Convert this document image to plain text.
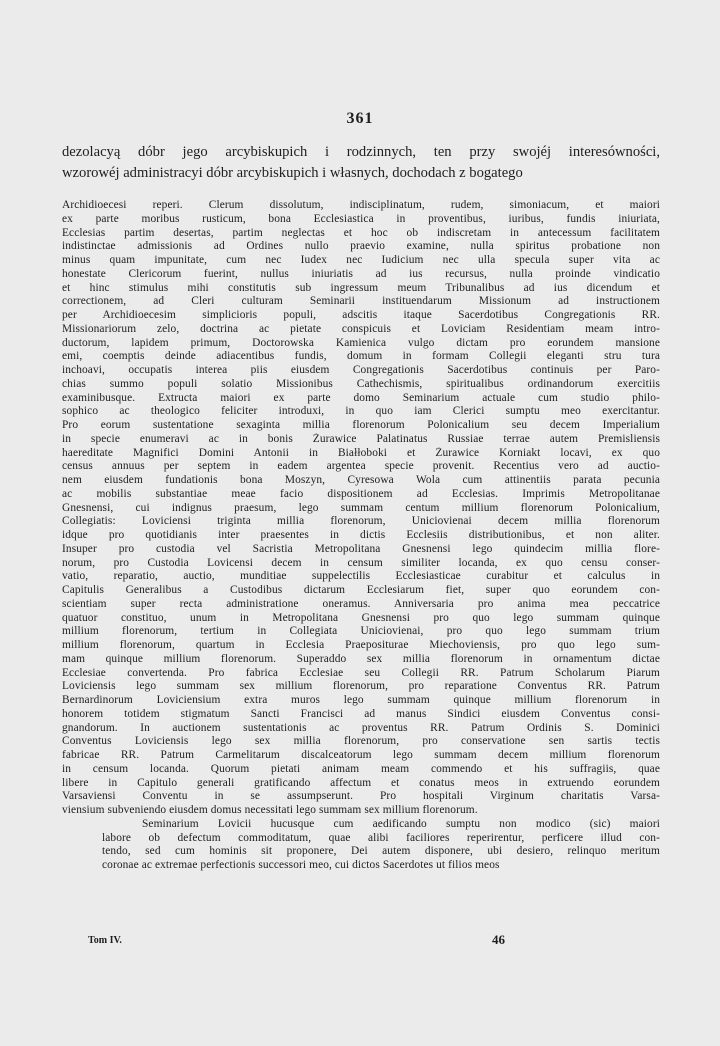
361
dezolacyą dóbr jego arcybiskupich i rodzinnych, ten przy swojéj interesówności,
wzorowéj administracyi dóbr arcybiskupich i własnych, dochodach z bogatego

Archidioecesi reperi. Clerum dissolutum, indisciplinatum, rudem, simoniacum, et maiori
ex parte moribus rusticum, bona Ecclesiastica in proventibus, iuribus, fundis iniuriata,
Ecclesias partim desertas, partim neglectas et hoc ob indiscretam in antecessum facilitatem
indistinctae admissionis ad Ordines nullo praevio examine, nulla spiritus probatione non
minus quam impunitate, cum nec Iudex nec Iudicium nec ulla specula super vita ac
honestate Clericorum fuerint, nullus iniuriatis ad ius recursus, nulla proinde vindicatio
et hinc stimulus mihi constitutis sub ingressum meum Tribunalibus ad ius dicendum et
correctionem, ad Cleri culturam Seminarii instituendarum Missionum ad instructionem
per Archidioecesim simplicioris populi, adscitis itaque Sacerdotibus Congregationis RR.
Missionariorum zelo, doctrina ac pietate conspicuis et Loviciam Residentiam meam intro-
ductorum, lapidem primum, Doctorowska Kamienica vulgo dictam pro eorundem mansione
emi, coemptis deinde adiacentibus fundis, domum in formam Collegii eleganti stru tura
inchoavi, occupatis interea piis eiusdem Congregationis Sacerdotibus continuis per Paro-
chias summo populi solatio Missionibus Cathechismis, spiritualibus ordinandorum exercitiis
examinibusque. Extructa maiori ex parte domo Seminarium actuale cum studio philo-
sophico ac theologico feliciter introduxi, in quo iam Clerici sumptu meo exercitantur.
Pro eorum sustentatione sexaginta millia florenorum Polonicalium seu decem Imperialium
in specie enumeravi ac in bonis Żurawice Palatinatus Russiae terrae autem Premisliensis
haereditate Magnifici Domini Antonii in Białłoboki et Żurawice Korniakt locavi, ex quo
census annuus per septem in eadem argentea specie provenit. Recentius vero ad auctio-
nem eiusdem fundationis bona Moszyn, Cyresowa Wola cum attinentiis parata pecunia
ac mobilis substantiae meae facio dispositionem ad Ecclesias. Imprimis Metropolitanae
Gnesnensi, cui indignus praesum, lego summam centum millium florenorum Polonicalium,
Collegiatis: Loviciensi triginta millia florenorum, Uniciovienai decem millia florenorum
idque pro quotidianis inter praesentes in dictis Ecclesiis distributionibus, et non aliter.
Insuper pro custodia vel Sacristia Metropolitana Gnesnensi lego quindecim millia flore-
norum, pro Custodia Lovicensi decem in censum similiter locanda, ex quo censu conser-
vatio, reparatio, auctio, munditiae suppelectilis Ecclesiasticae curabitur et calculus in
Capitulis Generalibus a Custodibus dictarum Ecclesiarum fiet, super quo eorundem con-
scientiam super recta administratione oneramus. Anniversaria pro anima mea peccatrice
quatuor constituo, unum in Metropolitana Gnesnensi pro quo lego summam quinque
millium florenorum, tertium in Collegiata Uniciovienai, pro quo lego summam trium
millium florenorum, quartum in Ecclesia Praepositurae Miechoviensis, pro quo lego sum-
mam quinque millium florenorum. Superaddo sex millia florenorum in ornamentum dictae
Ecclesiae convertenda. Pro fabrica Ecclesiae seu Collegii RR. Patrum Scholarum Piarum
Loviciensis lego summam sex millium florenorum, pro reparatione Conventus RR. Patrum
Bernardinorum Loviciensium extra muros lego summam quinque millium florenorum in
honorem totidem stigmatum Sancti Francisci ad manus Sindici eiusdem Conventus consi-
gnandorum. In auctionem sustentationis ac proventus RR. Patrum Ordinis S. Dominici
Conventus Loviciensis lego sex millia florenorum, pro conservatione sen sartis tectis
fabricae RR. Patrum Carmelitarum discalceatorum lego summam decem millium florenorum
in censum locanda. Quorum pietati animam meam commendo et his suffragiis, quae
libere in Capitulo generali gratificando affectum et conatus meos in extruendo eorundem
Varsaviensi Conventu in se assumpserunt. Pro hospitali Virginum charitatis Varsa-
viensium subveniendo eiusdem domus necessitati lego summam sex millium florenorum.

Seminarium Lovicii hucusque cum aedificando sumptu non modico (sic) maiori
labore ob defectum commoditatum, quae alibi faciliores reperirentur, perficere illud con-
tendo, sed cum hominis sit proponere, Dei autem disponere, ubi desiero, relinquo meritum
coronae ac extremae perfectionis successori meo, cui dictos Sacerdotes ut filios meos

Tom IV.	46
